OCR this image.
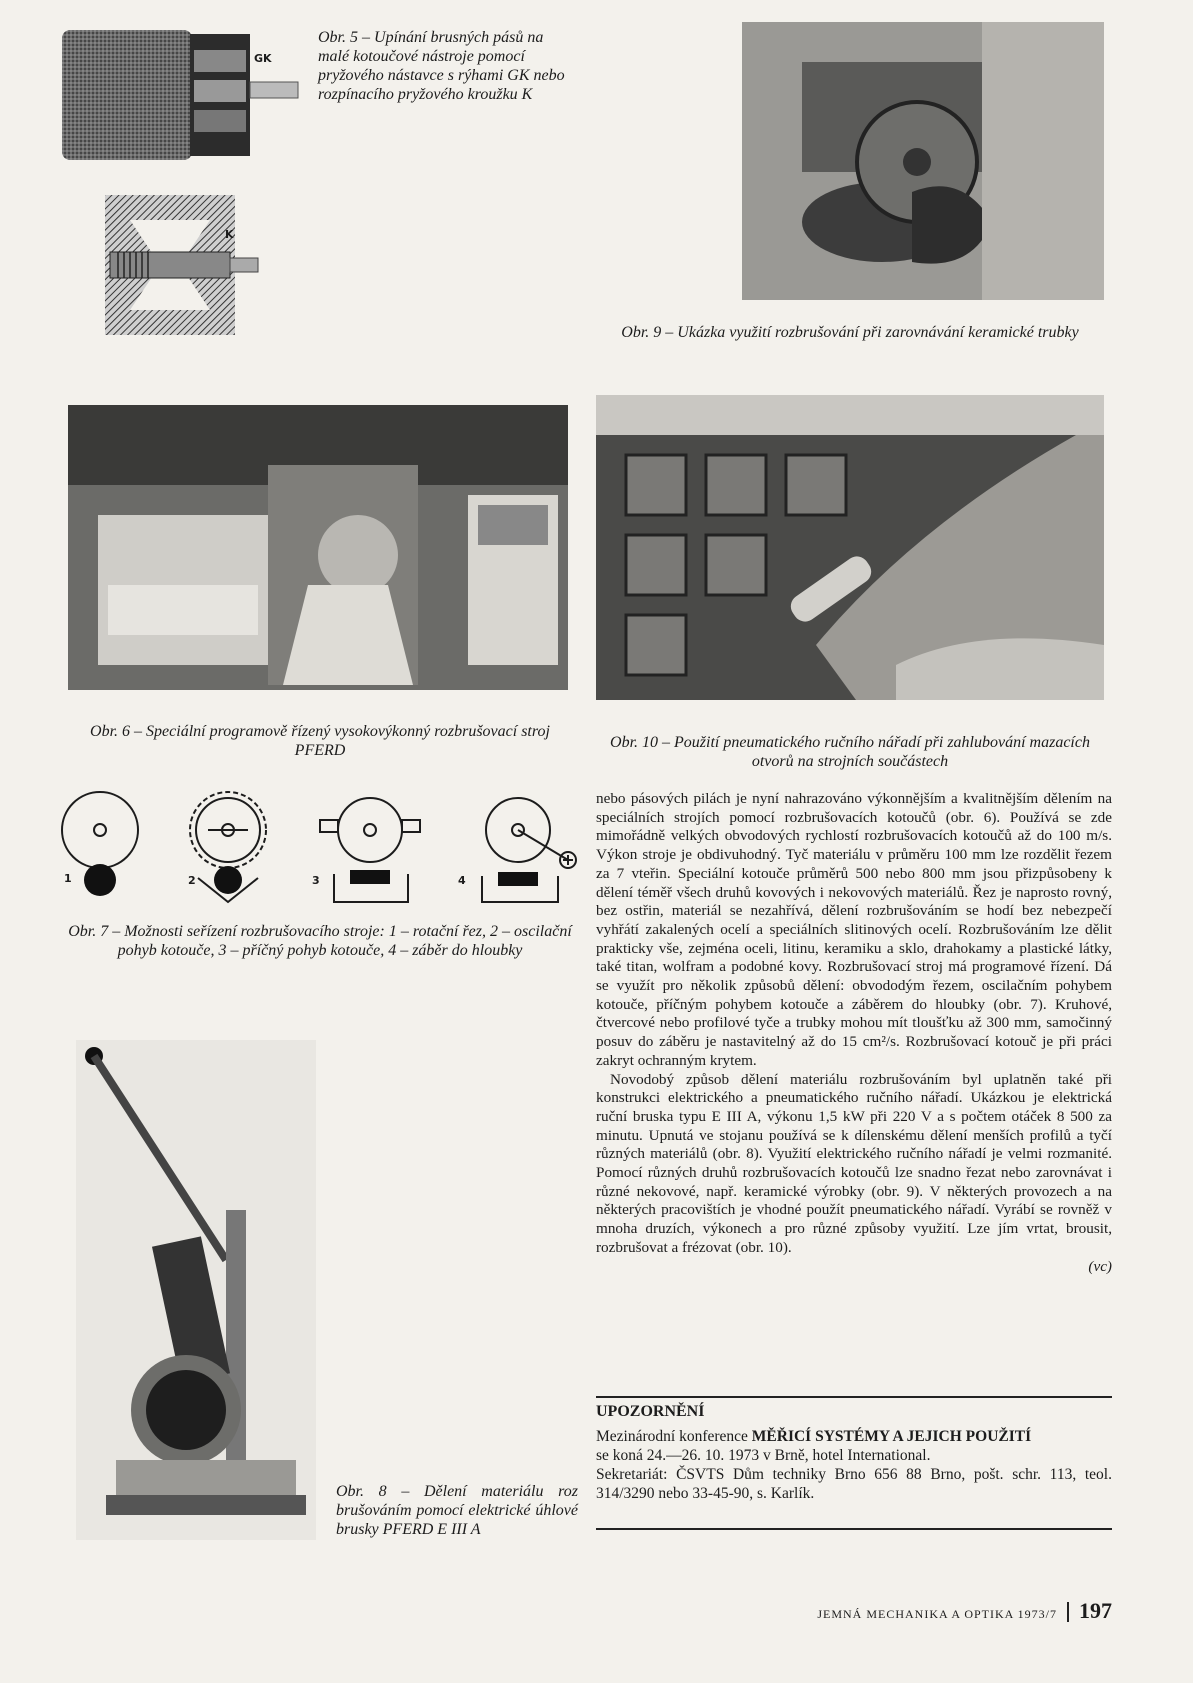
GK
K
Obr. 5 – Upínání brusných pásů na malé kotoučové nástroje pomocí pryžového nástavce s rýhami GK nebo rozpínacího pryžového kroužku K
Obr. 9 – Ukázka využití rozbrušování při zarovnávání keramické trubky
Obr. 6 – Speciální programově řízený vysokovýkonný rozbrušovací stroj PFERD	Obr. 10 – Použití pneumatického ručního nářadí při zahlubování mazacích otvorů na strojních součástech
1	2	3	4
Obr. 7 – Možnosti seřízení rozbrušovacího stroje: 1 – rotační řez, 2 – oscilační pohyb kotouče, 3 – příčný pohyb kotouče, 4 – záběr do hloubky
Obr. 8 – Dělení materiálu roz brušováním pomocí elektrické úhlové brusky PFERD E III A

nebo pásových pilách je nyní nahrazováno výkonnějším a kvalitnějším dělením na speciálních strojích pomocí rozbrušovacích kotoučů (obr. 6). Používá se zde mimořádně velkých obvodových rychlostí rozbrušovacích kotoučů až do 100 m/s. Výkon stroje je obdivuhodný. Tyč materiálu v průměru 100 mm lze rozdělit řezem za 7 vteřin. Speciální kotouče průměrů 500 nebo 800 mm jsou přizpůsobeny k dělení téměř všech druhů kovových i nekovových materiálů. Řez je naprosto rovný, bez ostřin, materiál se nezahřívá, dělení rozbrušováním se hodí bez nebezpečí vyhřátí zakalených ocelí a speciálních slitinových ocelí. Rozbrušováním lze dělit prakticky vše, zejména oceli, litinu, keramiku a sklo, drahokamy a plastické látky, také titan, wolfram a podobné kovy. Rozbrušovací stroj má programové řízení. Dá se využít pro několik způsobů dělení: obvododým řezem, oscilačním pohybem kotouče, příčným pohybem kotouče a záběrem do hloubky (obr. 7). Kruhové, čtvercové nebo profilové tyče a trubky mohou mít tloušťku až 300 mm, samočinný posuv do záběru je nastavitelný až do 15 cm²/s. Rozbrušovací kotouč je při práci zakryt ochranným krytem.

Novodobý způsob dělení materiálu rozbrušováním byl uplatněn také při konstrukci elektrického a pneumatického ručního nářadí. Ukázkou je elektrická ruční bruska typu E III A, výkonu 1,5 kW při 220 V a s počtem otáček 8 500 za minutu. Upnutá ve stojanu používá se k dílenskému dělení menších profilů a tyčí různých materiálů (obr. 8). Využití elektrického ručního nářadí je velmi rozmanité. Pomocí různých druhů rozbrušovacích kotoučů lze snadno řezat nebo zarovnávat i různé nekovové, např. keramické výrobky (obr. 9). V některých provozech a na některých pracovištích je vhodné použít pneumatického nářadí. Vyrábí se rovněž v mnoha druzích, výkonech a pro různé způsoby využití. Lze jím vrtat, brousit, rozbrušovat a frézovat (obr. 10).

(vc)
UPOZORNĚNÍ
Mezinárodní konference MĚŘICÍ SYSTÉMY A JEJICH POUŽITÍ
se koná 24.—26. 10. 1973 v Brně, hotel International.
Sekretariát: ČSVTS Dům techniky Brno 656 88 Brno, pošt. schr. 113, teol. 314/3290 nebo 33-45-90, s. Karlík.
JEMNÁ MECHANIKA A OPTIKA 1973/7 197
